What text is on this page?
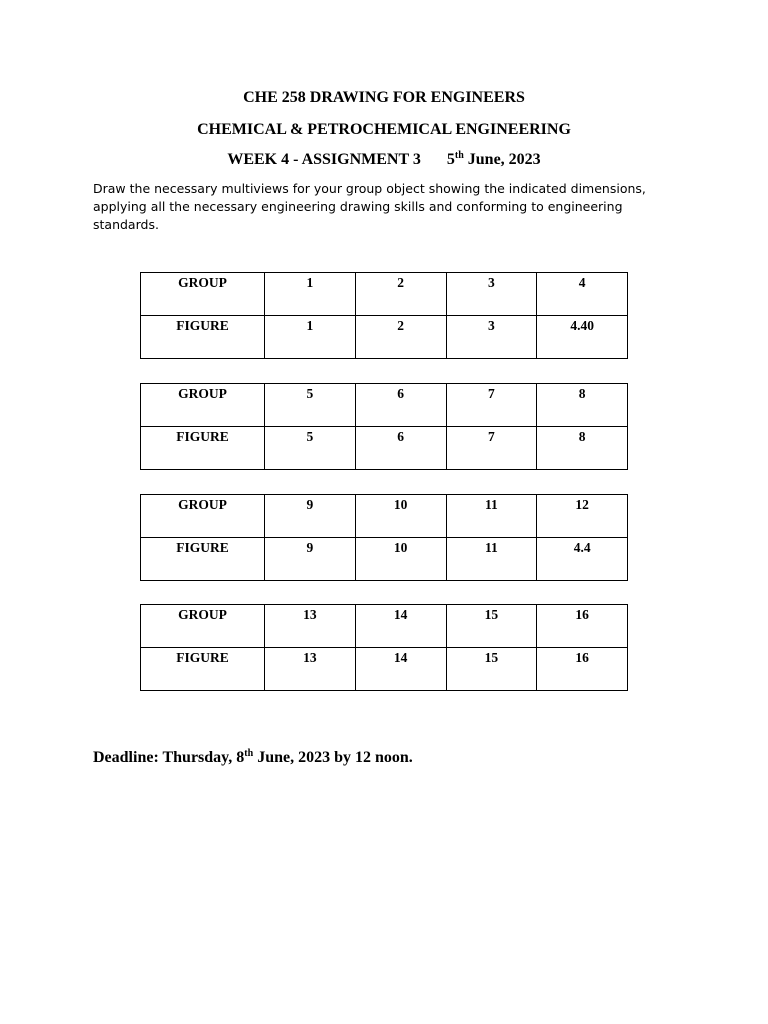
CHE 258 DRAWING FOR ENGINEERS
CHEMICAL & PETROCHEMICAL ENGINEERING
WEEK 4 - ASSIGNMENT 3 5th June, 2023
Draw the necessary multiviews for your group object showing the indicated dimensions, applying all the necessary engineering drawing skills and conforming to engineering standards.
GROUP	1	2	3	4
FIGURE	1	2	3	4.40
GROUP	5	6	7	8
FIGURE	5	6	7	8
GROUP	9	10	11	12
FIGURE	9	10	11	4.4
GROUP	13	14	15	16
FIGURE	13	14	15	16
Deadline: Thursday, 8th June, 2023 by 12 noon.
